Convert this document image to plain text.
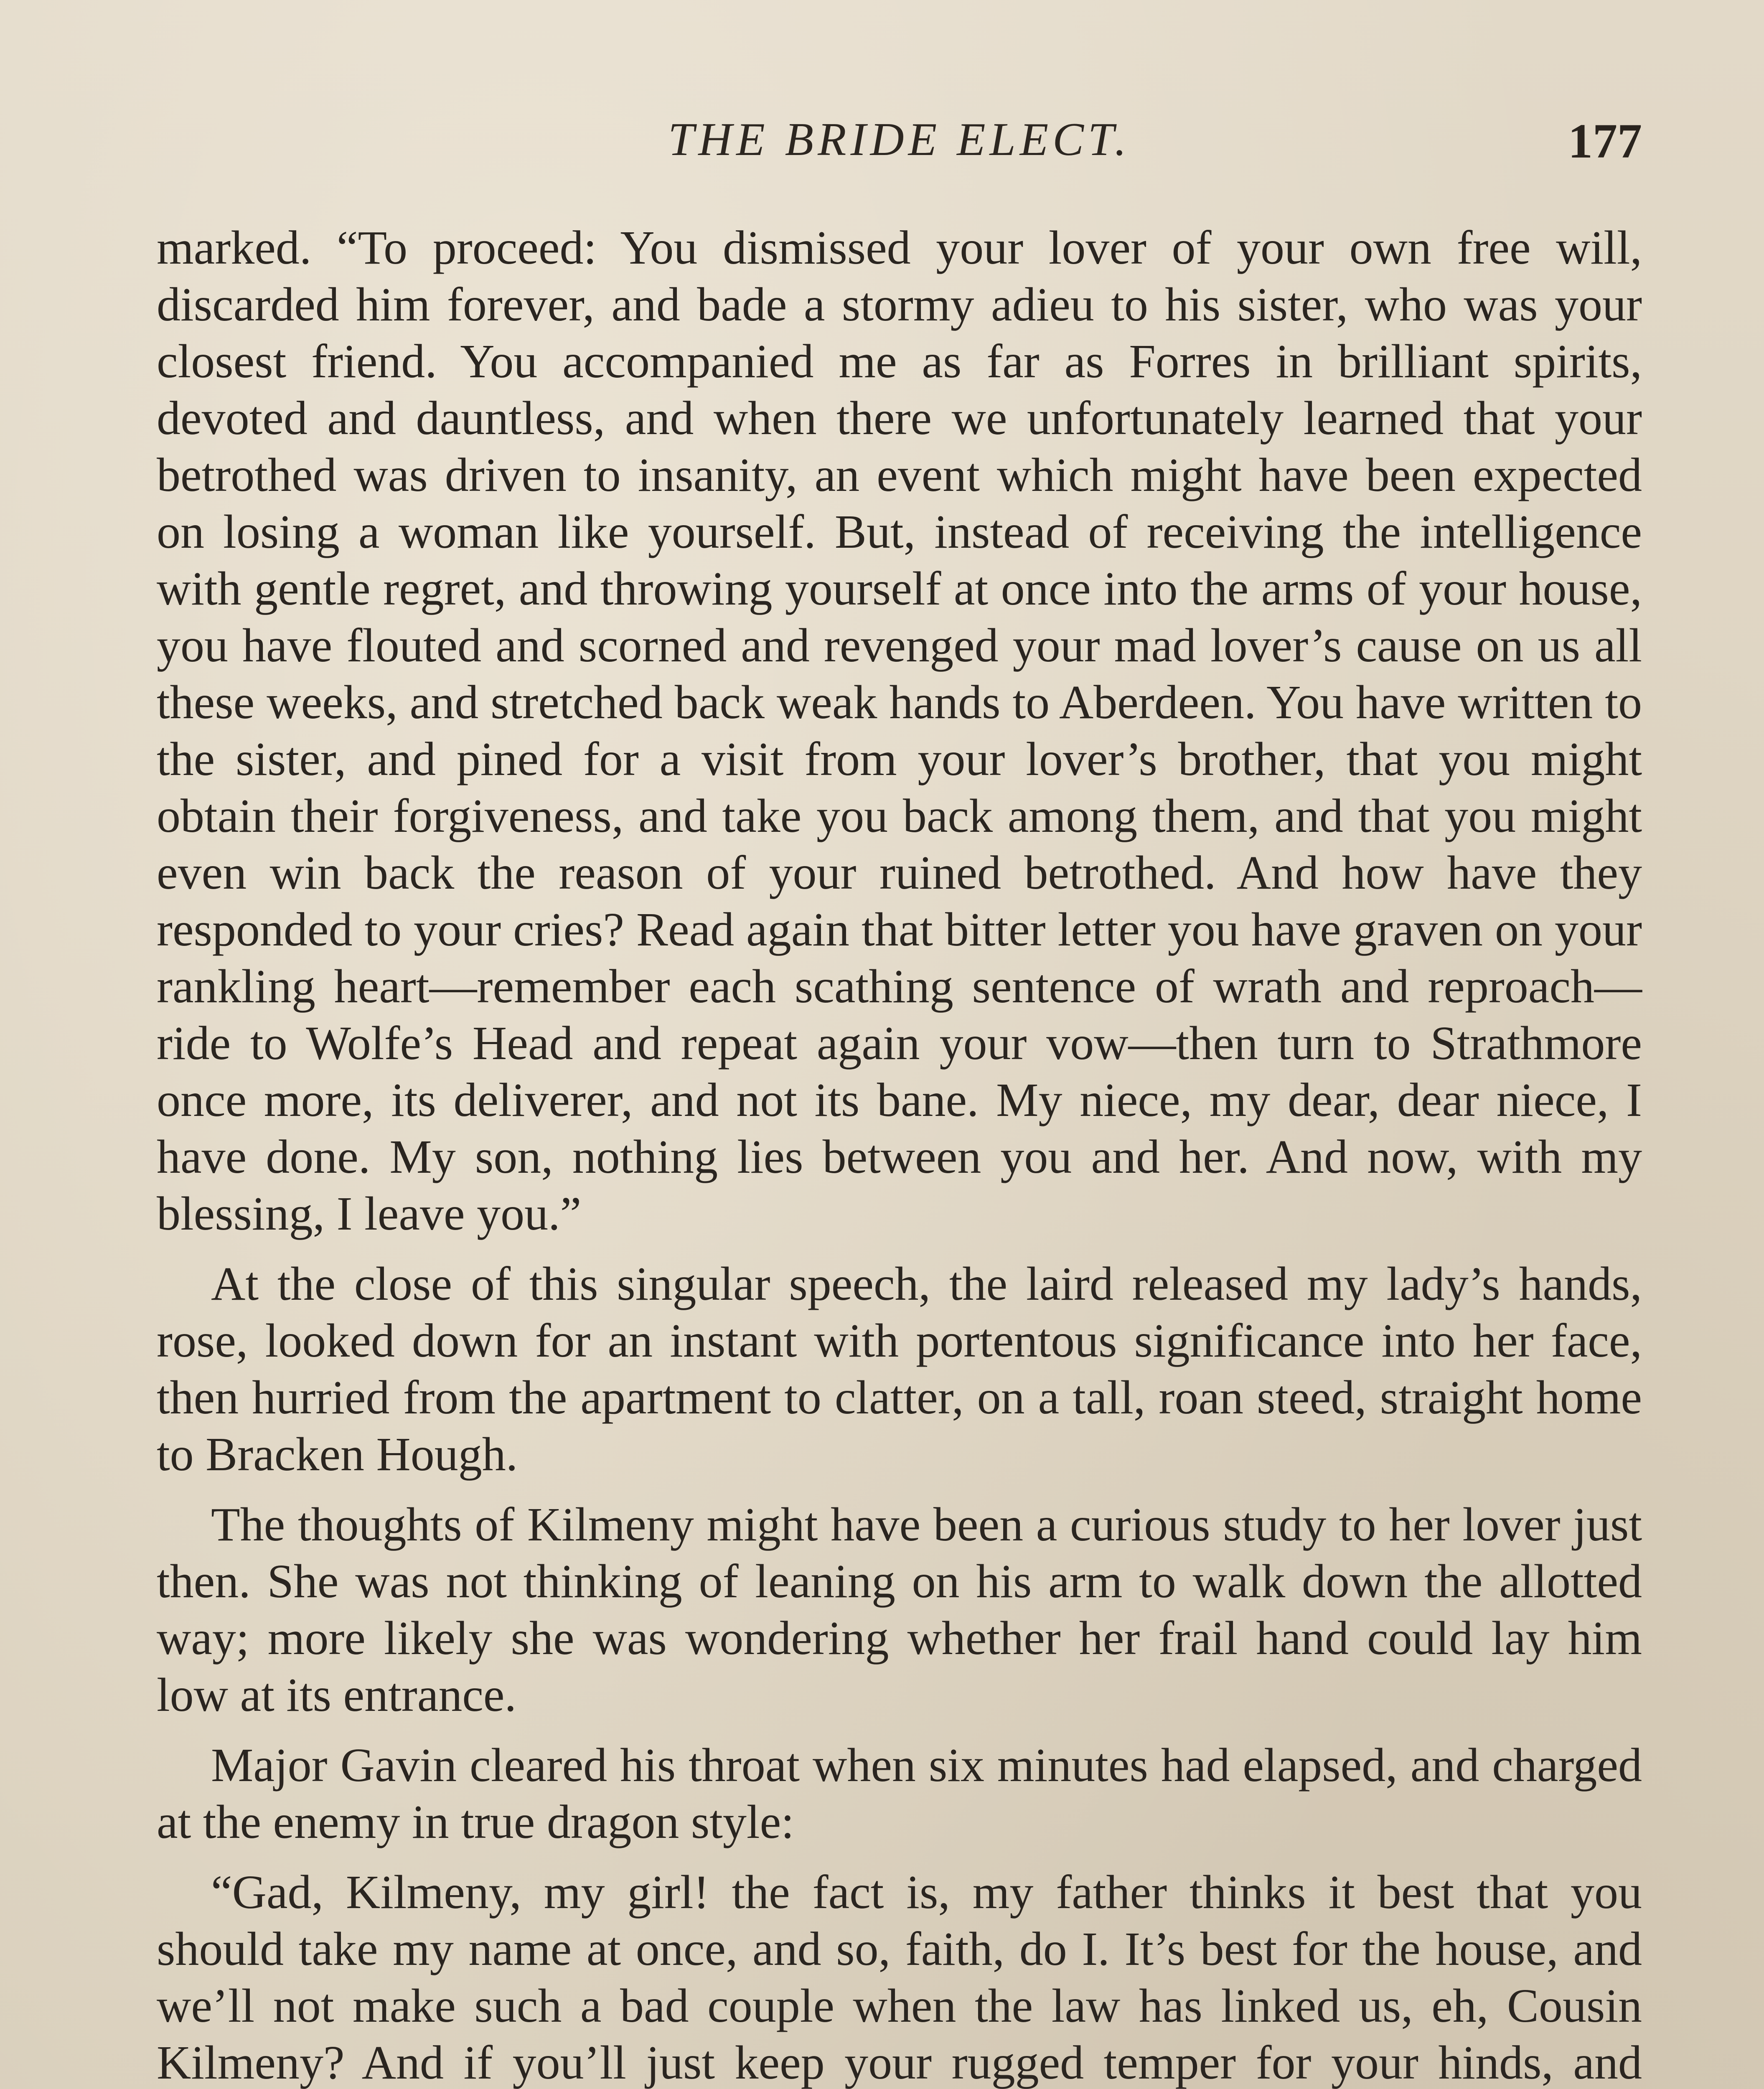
THE BRIDE ELECT.	177

marked. “To proceed: You dismissed your lover of your own free will, discarded him forever, and bade a stormy adieu to his sister, who was your closest friend. You accompanied me as far as Forres in brilliant spirits, devoted and dauntless, and when there we unfortunately learned that your betrothed was driven to insanity, an event which might have been expected on losing a woman like yourself. But, instead of receiving the intelligence with gentle regret, and throwing yourself at once into the arms of your house, you have flouted and scorned and revenged your mad lover’s cause on us all these weeks, and stretched back weak hands to Aberdeen. You have written to the sister, and pined for a visit from your lover’s brother, that you might obtain their forgiveness, and take you back among them, and that you might even win back the reason of your ruined betrothed. And how have they responded to your cries? Read again that bitter letter you have graven on your rankling heart—remember each scathing sentence of wrath and reproach—ride to Wolfe’s Head and repeat again your vow—then turn to Strathmore once more, its deliverer, and not its bane. My niece, my dear, dear niece, I have done. My son, nothing lies between you and her. And now, with my blessing, I leave you.”

At the close of this singular speech, the laird released my lady’s hands, rose, looked down for an instant with portentous significance into her face, then hurried from the apartment to clatter, on a tall, roan steed, straight home to Bracken Hough.

The thoughts of Kilmeny might have been a curious study to her lover just then. She was not thinking of leaning on his arm to walk down the allotted way; more likely she was wondering whether her frail hand could lay him low at its entrance.

Major Gavin cleared his throat when six minutes had elapsed, and charged at the enemy in true dragon style:

“Gad, Kilmeny, my girl! the fact is, my father thinks it best that you should take my name at once, and so, faith, do I. It’s best for the house, and we’ll not make such a bad couple when the law has linked us, eh, Cousin Kilmeny? And if you’ll just keep your rugged temper for your hinds, and
